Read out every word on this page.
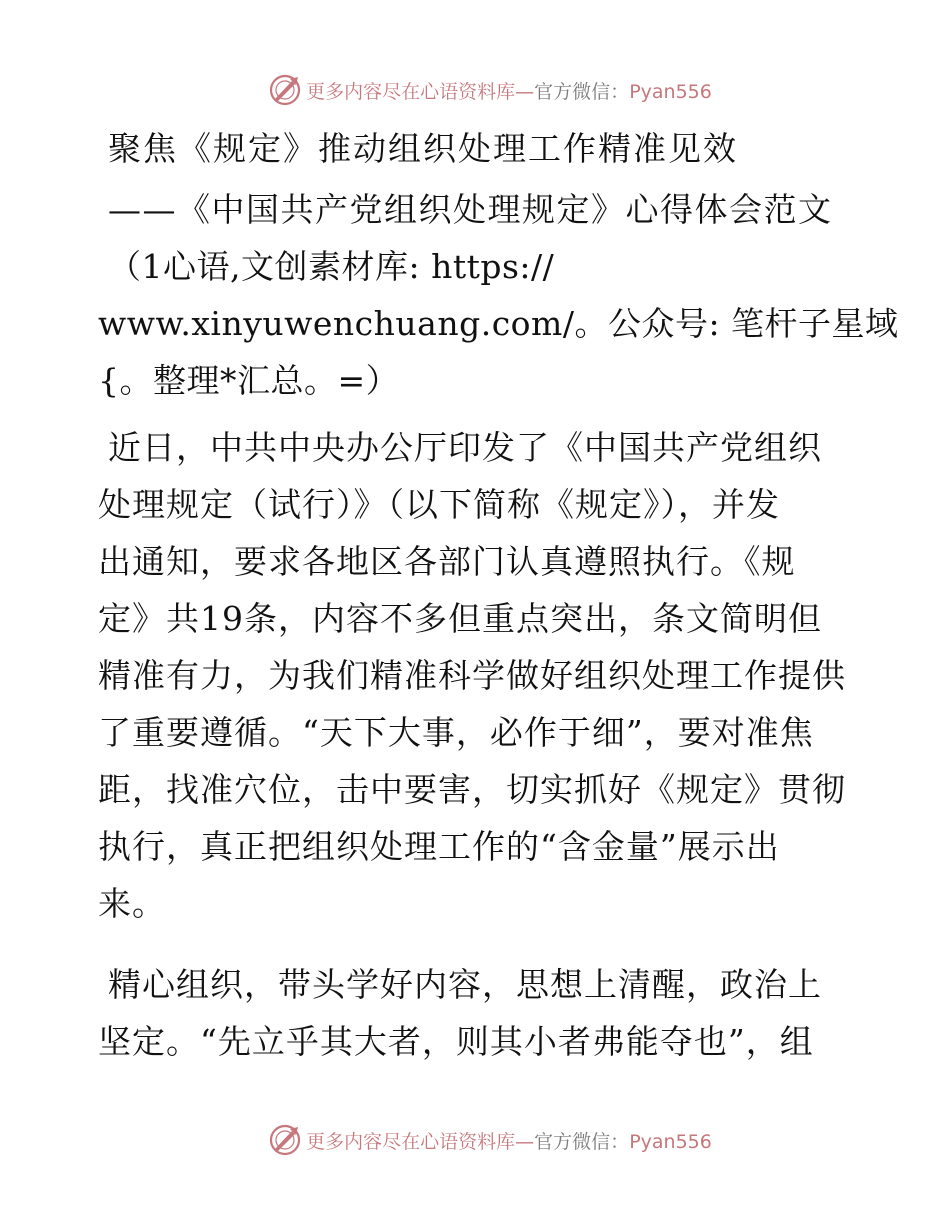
更多内容尽在心语资料库—官方微信：Pyan556
聚焦《规定》推动组织处理工作精准见效
——《中国共产党组织处理规定》心得体会范文
（1心语,文创素材库: https://
www.xinyuwenchuang.com/。公众号: 笔杆子星域
{。整理*汇总。=）
近日，中共中央办公厅印发了《中国共产党组织
处理规定（试行）》（以下简称《规定》），并发
出通知，要求各地区各部门认真遵照执行。《规
定》共19条，内容不多但重点突出，条文简明但
精准有力，为我们精准科学做好组织处理工作提供
了重要遵循。“天下大事，必作于细”，要对准焦
距，找准穴位，击中要害，切实抓好《规定》贯彻
执行，真正把组织处理工作的“含金量”展示出
来。
精心组织，带头学好内容，思想上清醒，政治上
坚定。“先立乎其大者，则其小者弗能夺也”，组
更多内容尽在心语资料库—官方微信：Pyan556
